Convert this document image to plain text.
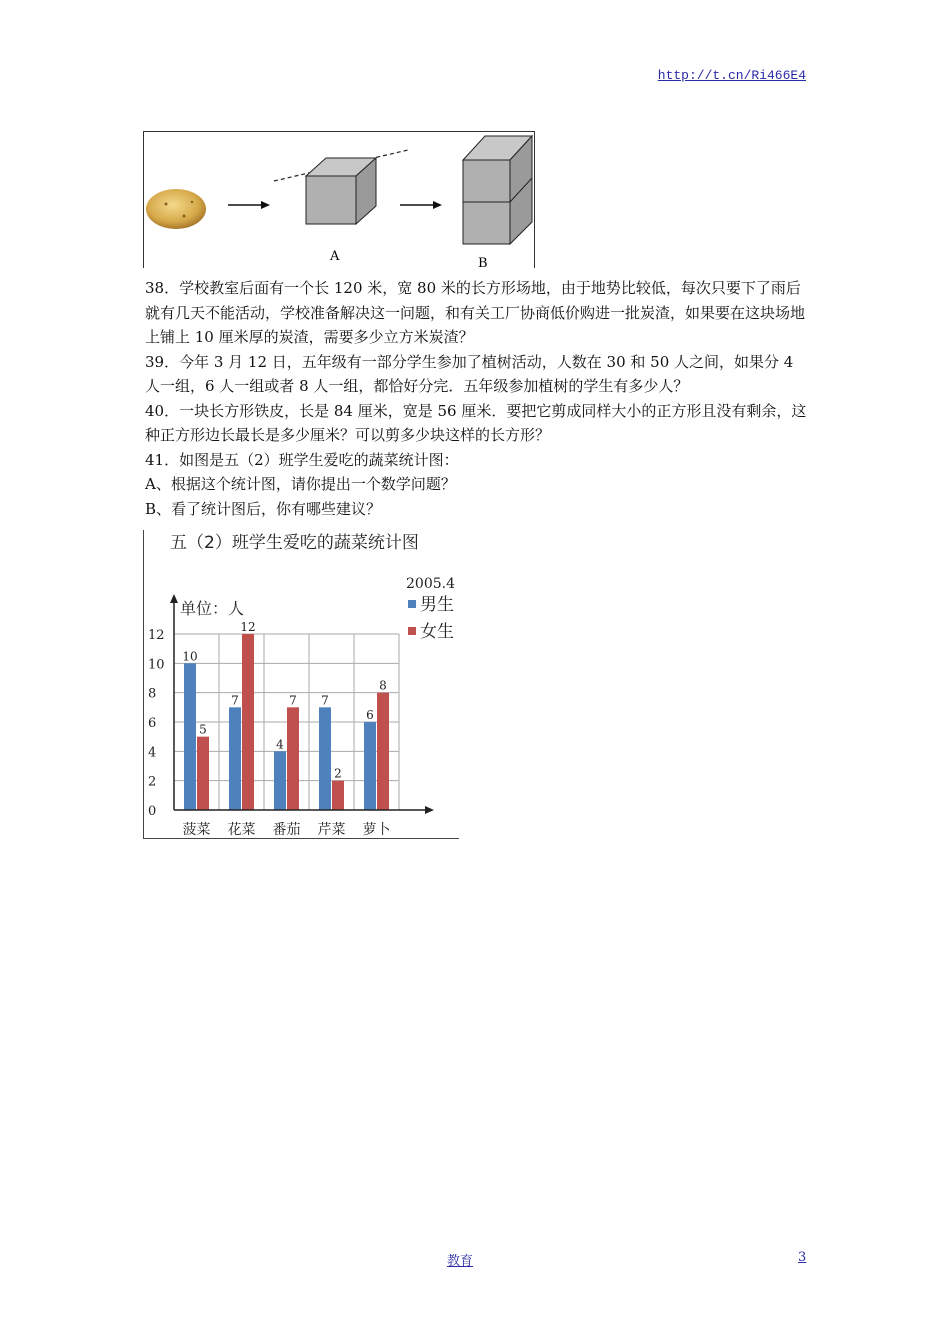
http://t.cn/Ri466E4
A	B

38．学校教室后面有一个长 120 米，宽 80 米的长方形场地，由于地势比较低，每次只要下了雨后就有几天不能活动，学校准备解决这一问题，和有关工厂协商低价购进一批炭渣，如果要在这块场地上铺上 10 厘米厚的炭渣，需要多少立方米炭渣？

39．今年 3 月 12 日，五年级有一部分学生参加了植树活动，人数在 30 和 50 人之间，如果分 4 人一组，6 人一组或者 8 人一组，都恰好分完．五年级参加植树的学生有多少人？

40．一块长方形铁皮，长是 84 厘米，宽是 56 厘米．要把它剪成同样大小的正方形且没有剩余，这种正方形边长最长是多少厘米？可以剪多少块这样的长方形？

41．如图是五（2）班学生爱吃的蔬菜统计图：

A、根据这个统计图，请你提出一个数学问题？

B、看了统计图后，你有哪些建议？

五（2）班学生爱吃的蔬菜统计图
2005.4
单位：人	男生
女生
0
2
4
6
8
10
12
10
5
7
12
4
7 7
2
6
8
菠菜 花菜 番茄 芹菜 萝卜
教育	3
